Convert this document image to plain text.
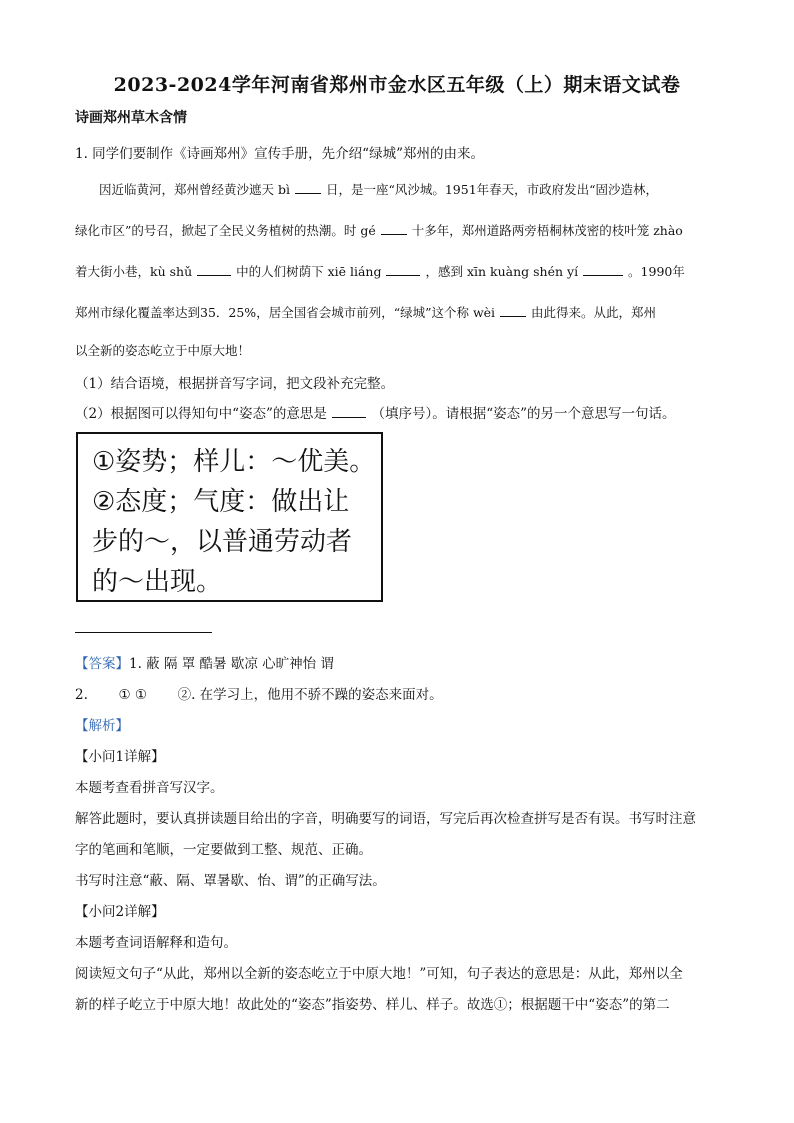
2023-2024学年河南省郑州市金水区五年级（上）期末语文试卷
诗画郑州草木含情
1. 同学们要制作《诗画郑州》宣传手册，先介绍“绿城”郑州的由来。
因近临黄河，郑州曾经黄沙遮天 bì	日，是一座“风沙城。1951年春天，市政府发出“固沙造林，
绿化市区”的号召，掀起了全民义务植树的热潮。时 gé	十多年，郑州道路两旁梧桐林茂密的枝叶笼 zhào
着大街小巷，kù shǔ	中的人们树荫下 xiē liáng	，感到 xīn kuàng shén yí	。1990年
郑州市绿化覆盖率达到35．25%，居全国省会城市前列，“绿城”这个称 wèi	由此得来。从此，郑州
以全新的姿态屹立于中原大地！
（1）结合语境，根据拼音写字词，把文段补充完整。
（2）根据图可以得知句中“姿态”的意思是	（填序号）。请根据“姿态”的另一个意思写一句话。
①姿势；样儿：～优美。
②态度；气度：做出让
步的～，以普通劳动者
的～出现。
【答案】1. 蔽 隔 罩 酷暑 歇凉 心旷神怡 谓
2. ① ① ②. 在学习上，他用不骄不躁的姿态来面对。
【解析】
【小问1详解】
本题考查看拼音写汉字。
解答此题时，要认真拼读题目给出的字音，明确要写的词语，写完后再次检查拼写是否有误。书写时注意
字的笔画和笔顺，一定要做到工整、规范、正确。
书写时注意“蔽、隔、罩暑歇、怡、谓”的正确写法。
【小问2详解】
本题考查词语解释和造句。
阅读短文句子“从此，郑州以全新的姿态屹立于中原大地！”可知，句子表达的意思是：从此，郑州以全
新的样子屹立于中原大地！故此处的“姿态”指姿势、样儿、样子。故选①；根据题干中“姿态”的第二
